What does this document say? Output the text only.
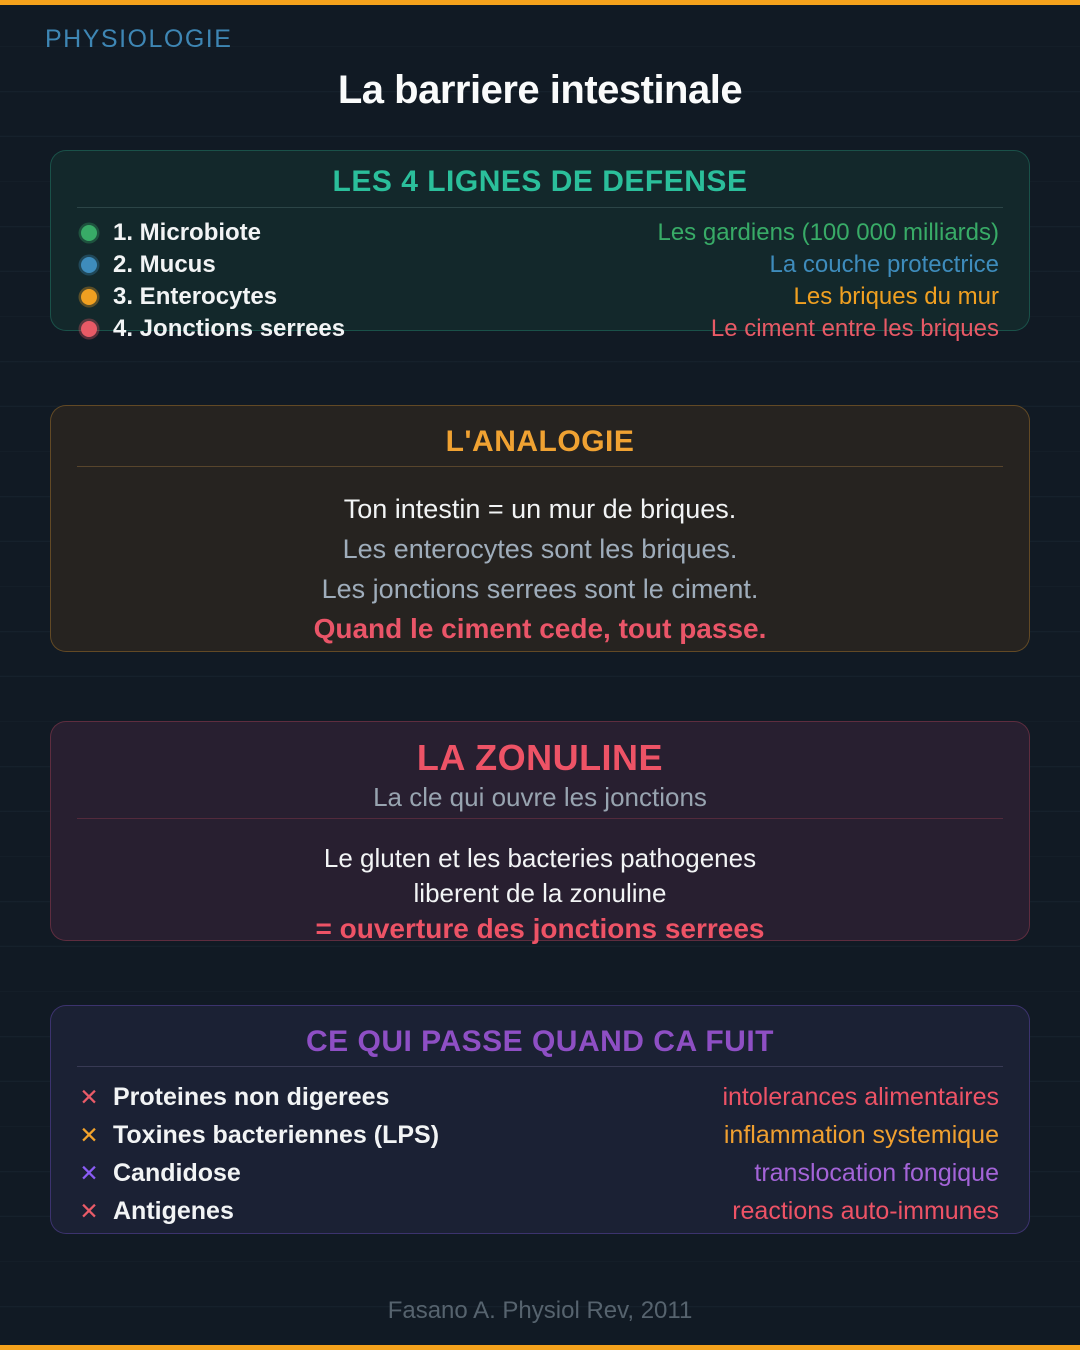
PHYSIOLOGIE
La barriere intestinale
LES 4 LIGNES DE DEFENSE
1. Microbiote	Les gardiens (100 000 milliards)
2. Mucus	La couche protectrice
3. Enterocytes	Les briques du mur
4. Jonctions serrees	Le ciment entre les briques
L'ANALOGIE

Ton intestin = un mur de briques.

Les enterocytes sont les briques.

Les jonctions serrees sont le ciment.

Quand le ciment cede, tout passe.

LA ZONULINE

La cle qui ouvre les jonctions

Le gluten et les bacteries pathogenes

liberent de la zonuline

= ouverture des jonctions serrees

CE QUI PASSE QUAND CA FUIT
✕ Proteines non digerees	intolerances alimentaires
✕ Toxines bacteriennes (LPS)	inflammation systemique
✕ Candidose	translocation fongique
✕ Antigenes	reactions auto-immunes
Fasano A. Physiol Rev, 2011
